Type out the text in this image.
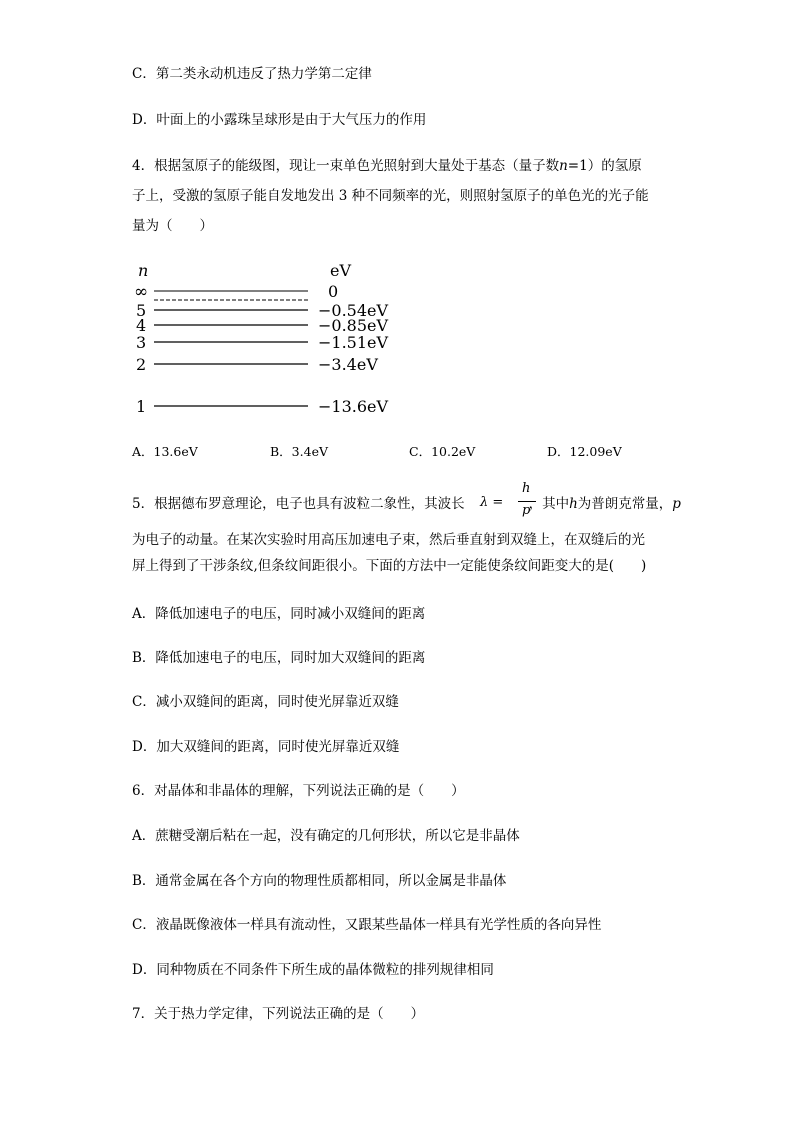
C．第二类永动机违反了热力学第二定律
D．叶面上的小露珠呈球形是由于大气压力的作用
4．根据氢原子的能级图，现让一束单色光照射到大量处于基态（量子数n=1）的氢原
子上，受激的氢原子能自发地发出 3 种不同频率的光，则照射氢原子的单色光的光子能
量为（　　）
n	eV
∞	0
5	−0.54eV
4	−0.85eV
3	−1.51eV
2	−3.4eV
1	−13.6eV
A．13.6eV	B．3.4eV	C．10.2eV	D．12.09eV
5．根据德布罗意理论，电子也具有波粒二象性，其波长	，其中h为普朗克常量，p
λ =
h
p
为电子的动量。在某次实验时用高压加速电子束，然后垂直射到双缝上，在双缝后的光
屏上得到了干涉条纹,但条纹间距很小。下面的方法中一定能使条纹间距变大的是(　　)
A．降低加速电子的电压，同时减小双缝间的距离
B．降低加速电子的电压，同时加大双缝间的距离
C．减小双缝间的距离，同时使光屏靠近双缝
D．加大双缝间的距离，同时使光屏靠近双缝
6．对晶体和非晶体的理解，下列说法正确的是（　　）
A．蔗糖受潮后粘在一起，没有确定的几何形状，所以它是非晶体
B．通常金属在各个方向的物理性质都相同，所以金属是非晶体
C．液晶既像液体一样具有流动性，又跟某些晶体一样具有光学性质的各向异性
D．同种物质在不同条件下所生成的晶体微粒的排列规律相同
7．关于热力学定律，下列说法正确的是（　　）
